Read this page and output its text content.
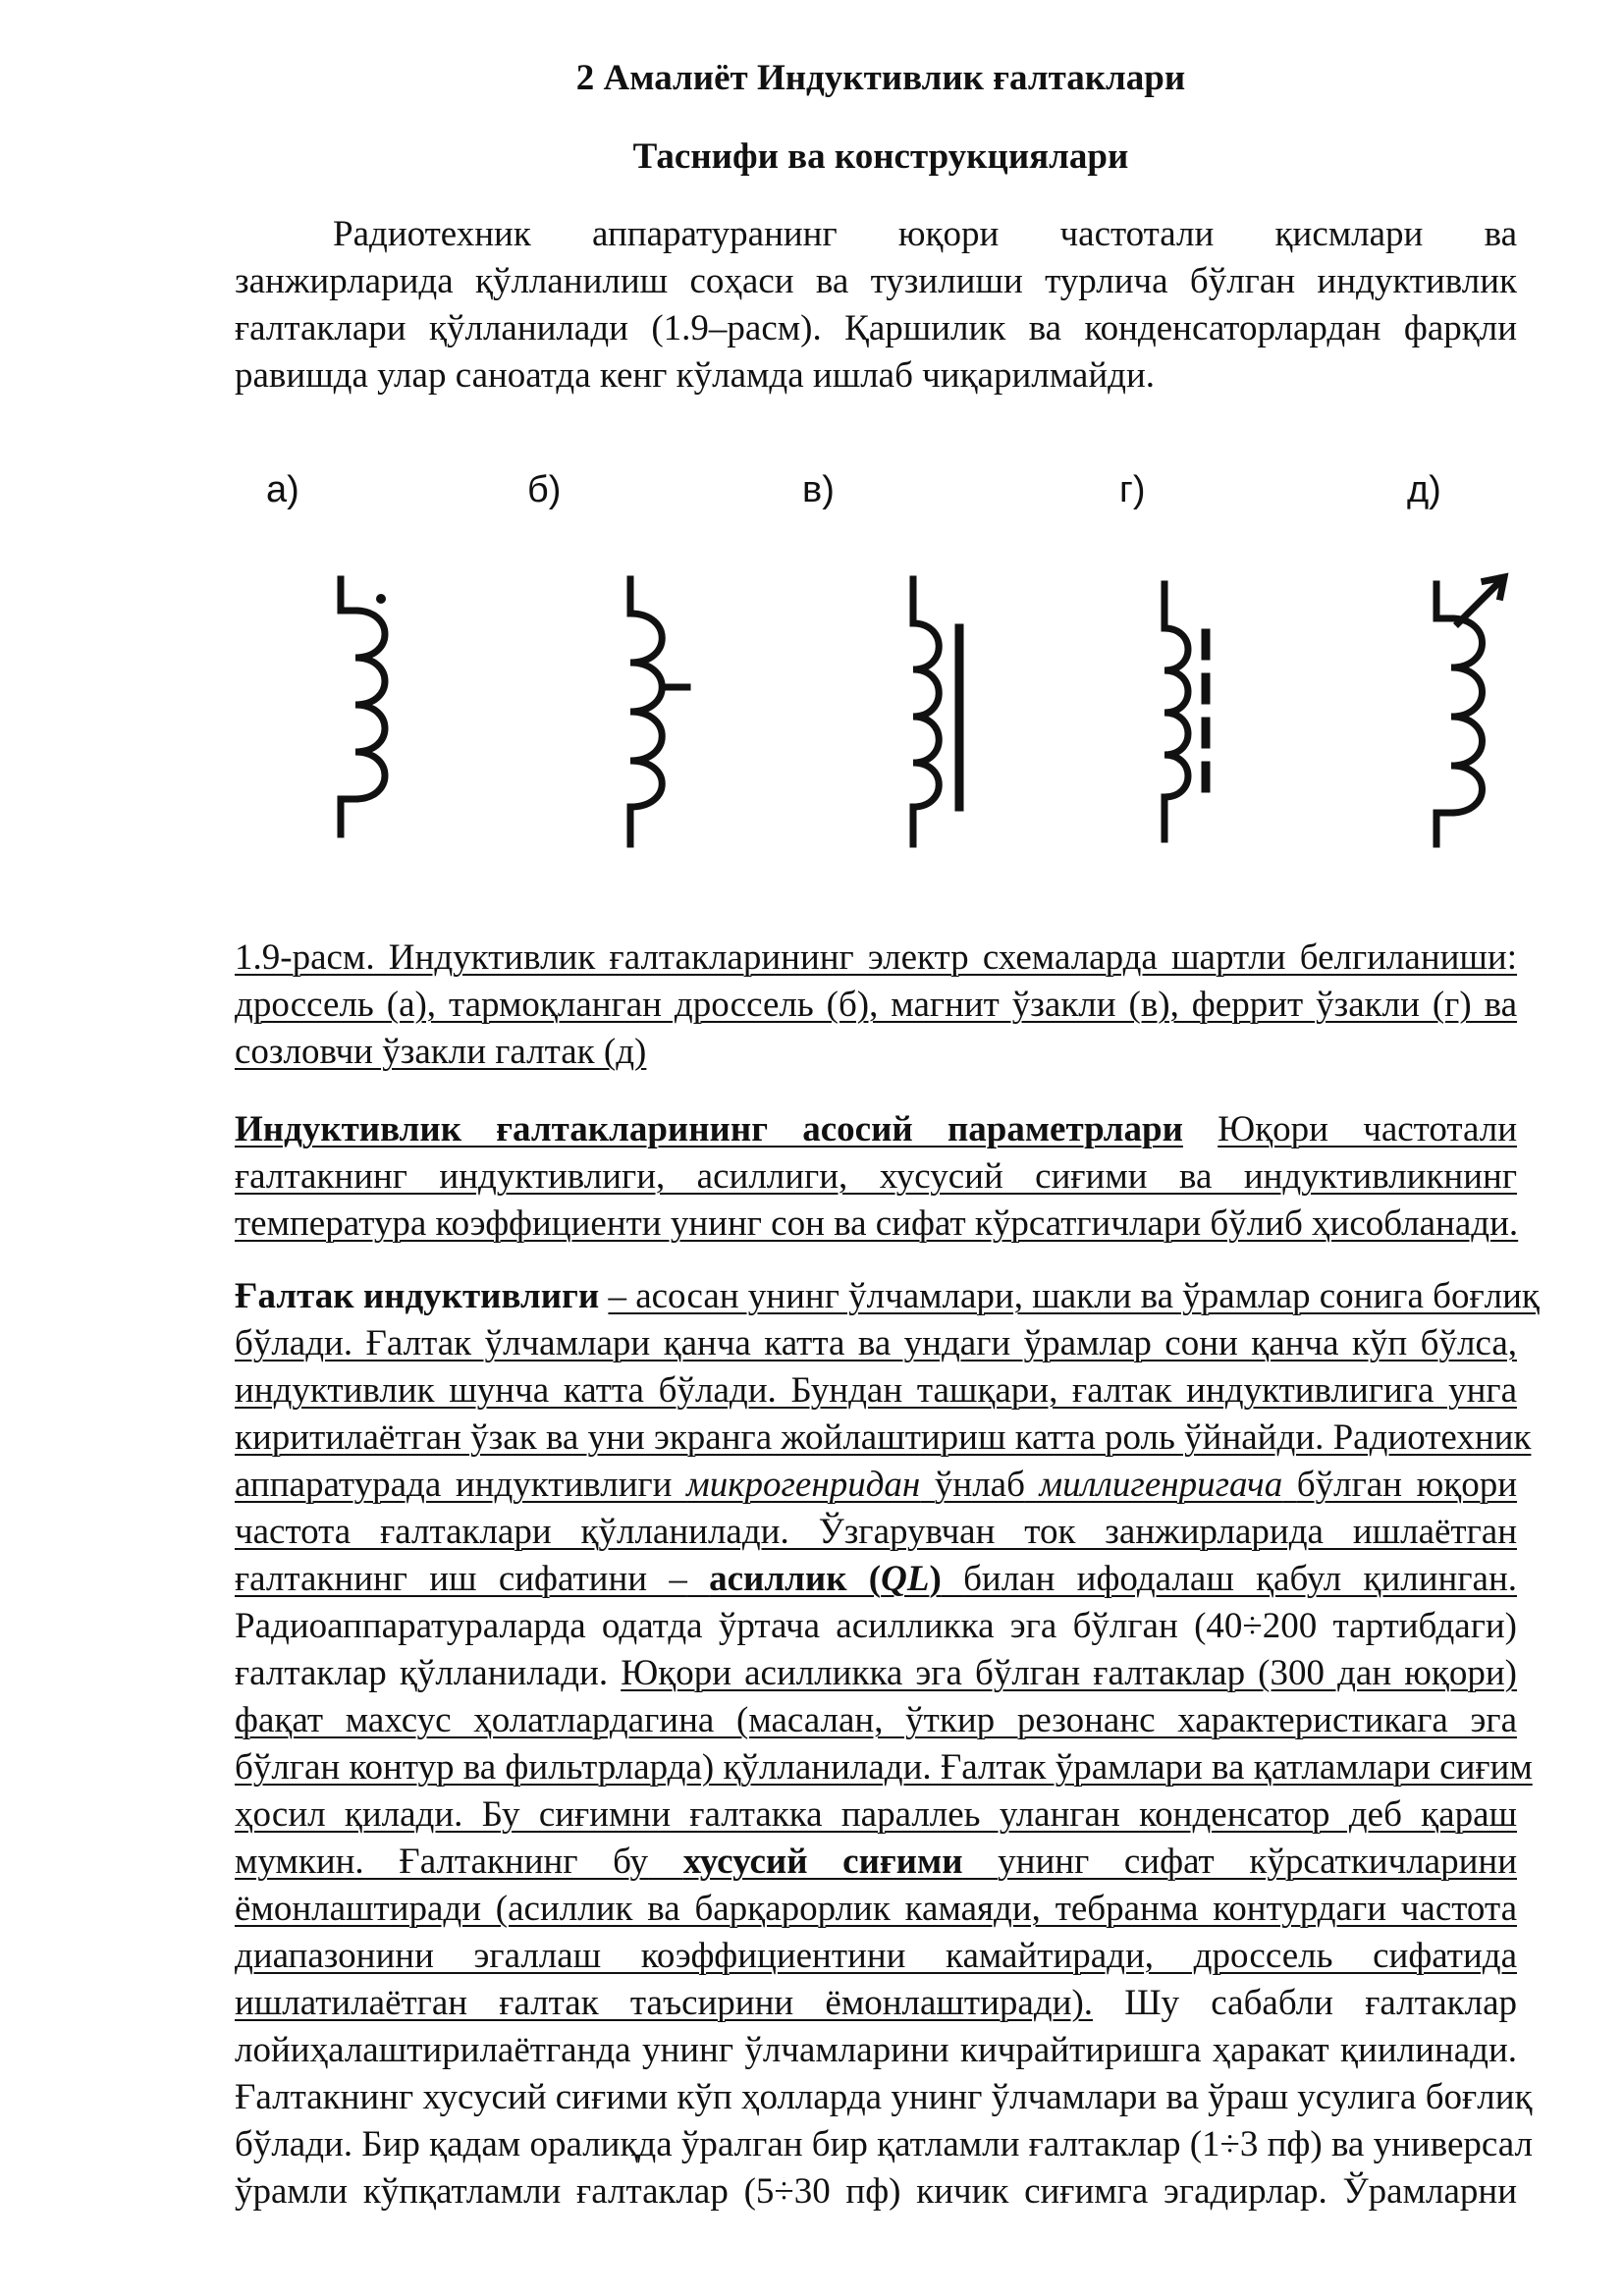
2 Амалиёт Индуктивлик ғалтаклари
Таснифи ва конструкциялари
Радиотехник аппаратуранинг юқори частотали қисмлари ва
занжирларида қўлланилиш соҳаси ва тузилиши турлича бўлган индуктивлик
ғалтаклари қўлланилади (1.9–расм). Қаршилик ва конденсаторлардан фарқли
равишда улар саноатда кенг кўламда ишлаб чиқарилмайди.
а)	б)	в)	г)	д)
1.9-расм. Индуктивлик ғалтакларининг электр схемаларда шартли белгиланиши:
дроссель (а), тармоқланган дроссель (б), магнит ўзакли (в), феррит ўзакли (г) ва
созловчи ўзакли галтак (д)
Индуктивлик ғалтакларининг асосий параметрлари Юқори частотали
ғалтакнинг индуктивлиги, асиллиги, хусусий сиғими ва индуктивликнинг
температура коэффициенти унинг сон ва сифат кўрсатгичлари бўлиб ҳисобланади.
Ғалтак индуктивлиги – асосан унинг ўлчамлари, шакли ва ўрамлар сонига боғлиқ
бўлади. Ғалтак ўлчамлари қанча катта ва ундаги ўрамлар сони қанча кўп бўлса,
индуктивлик шунча катта бўлади. Бундан ташқари, ғалтак индуктивлигига унга
киритилаётган ўзак ва уни экранга жойлаштириш катта роль ўйнайди. Радиотехник
аппаратурада индуктивлиги микрогенридан ўнлаб миллигенригача бўлган юқори
частота ғалтаклари қўлланилади. Ўзгарувчан ток занжирларида ишлаётган
ғалтакнинг иш сифатини – асиллик (QL) билан ифодалаш қабул қилинган.
Радиоаппаратураларда одатда ўртача асилликка эга бўлган (40÷200 тартибдаги)
ғалтаклар қўлланилади. Юқори асилликка эга бўлган ғалтаклар (300 дан юқори)
фақат махсус ҳолатлардагина (масалан, ўткир резонанс характеристикага эга
бўлган контур ва фильтрларда) қўлланилади. Ғалтак ўрамлари ва қатламлари сиғим
ҳосил қилади. Бу сиғимни ғалтакка параллеь уланган конденсатор деб қараш
мумкин. Ғалтакнинг бу хусусий сиғими унинг сифат кўрсаткичларини
ёмонлаштиради (асиллик ва барқарорлик камаяди, тебранма контурдаги частота
диапазонини эгаллаш коэффициентини камайтиради, дроссель сифатида
ишлатилаётган ғалтак таъсирини ёмонлаштиради). Шу сабабли ғалтаклар
лойиҳалаштирилаётганда унинг ўлчамларини кичрайтиришга ҳаракат қиилинади.
Ғалтакнинг хусусий сиғими кўп ҳолларда унинг ўлчамлари ва ўраш усулига боғлиқ
бўлади. Бир қадам оралиқда ўралган бир қатламли ғалтаклар (1÷3 пф) ва универсал
ўрамли кўпқатламли ғалтаклар (5÷30 пф) кичик сиғимга эгадирлар. Ўрамларни
